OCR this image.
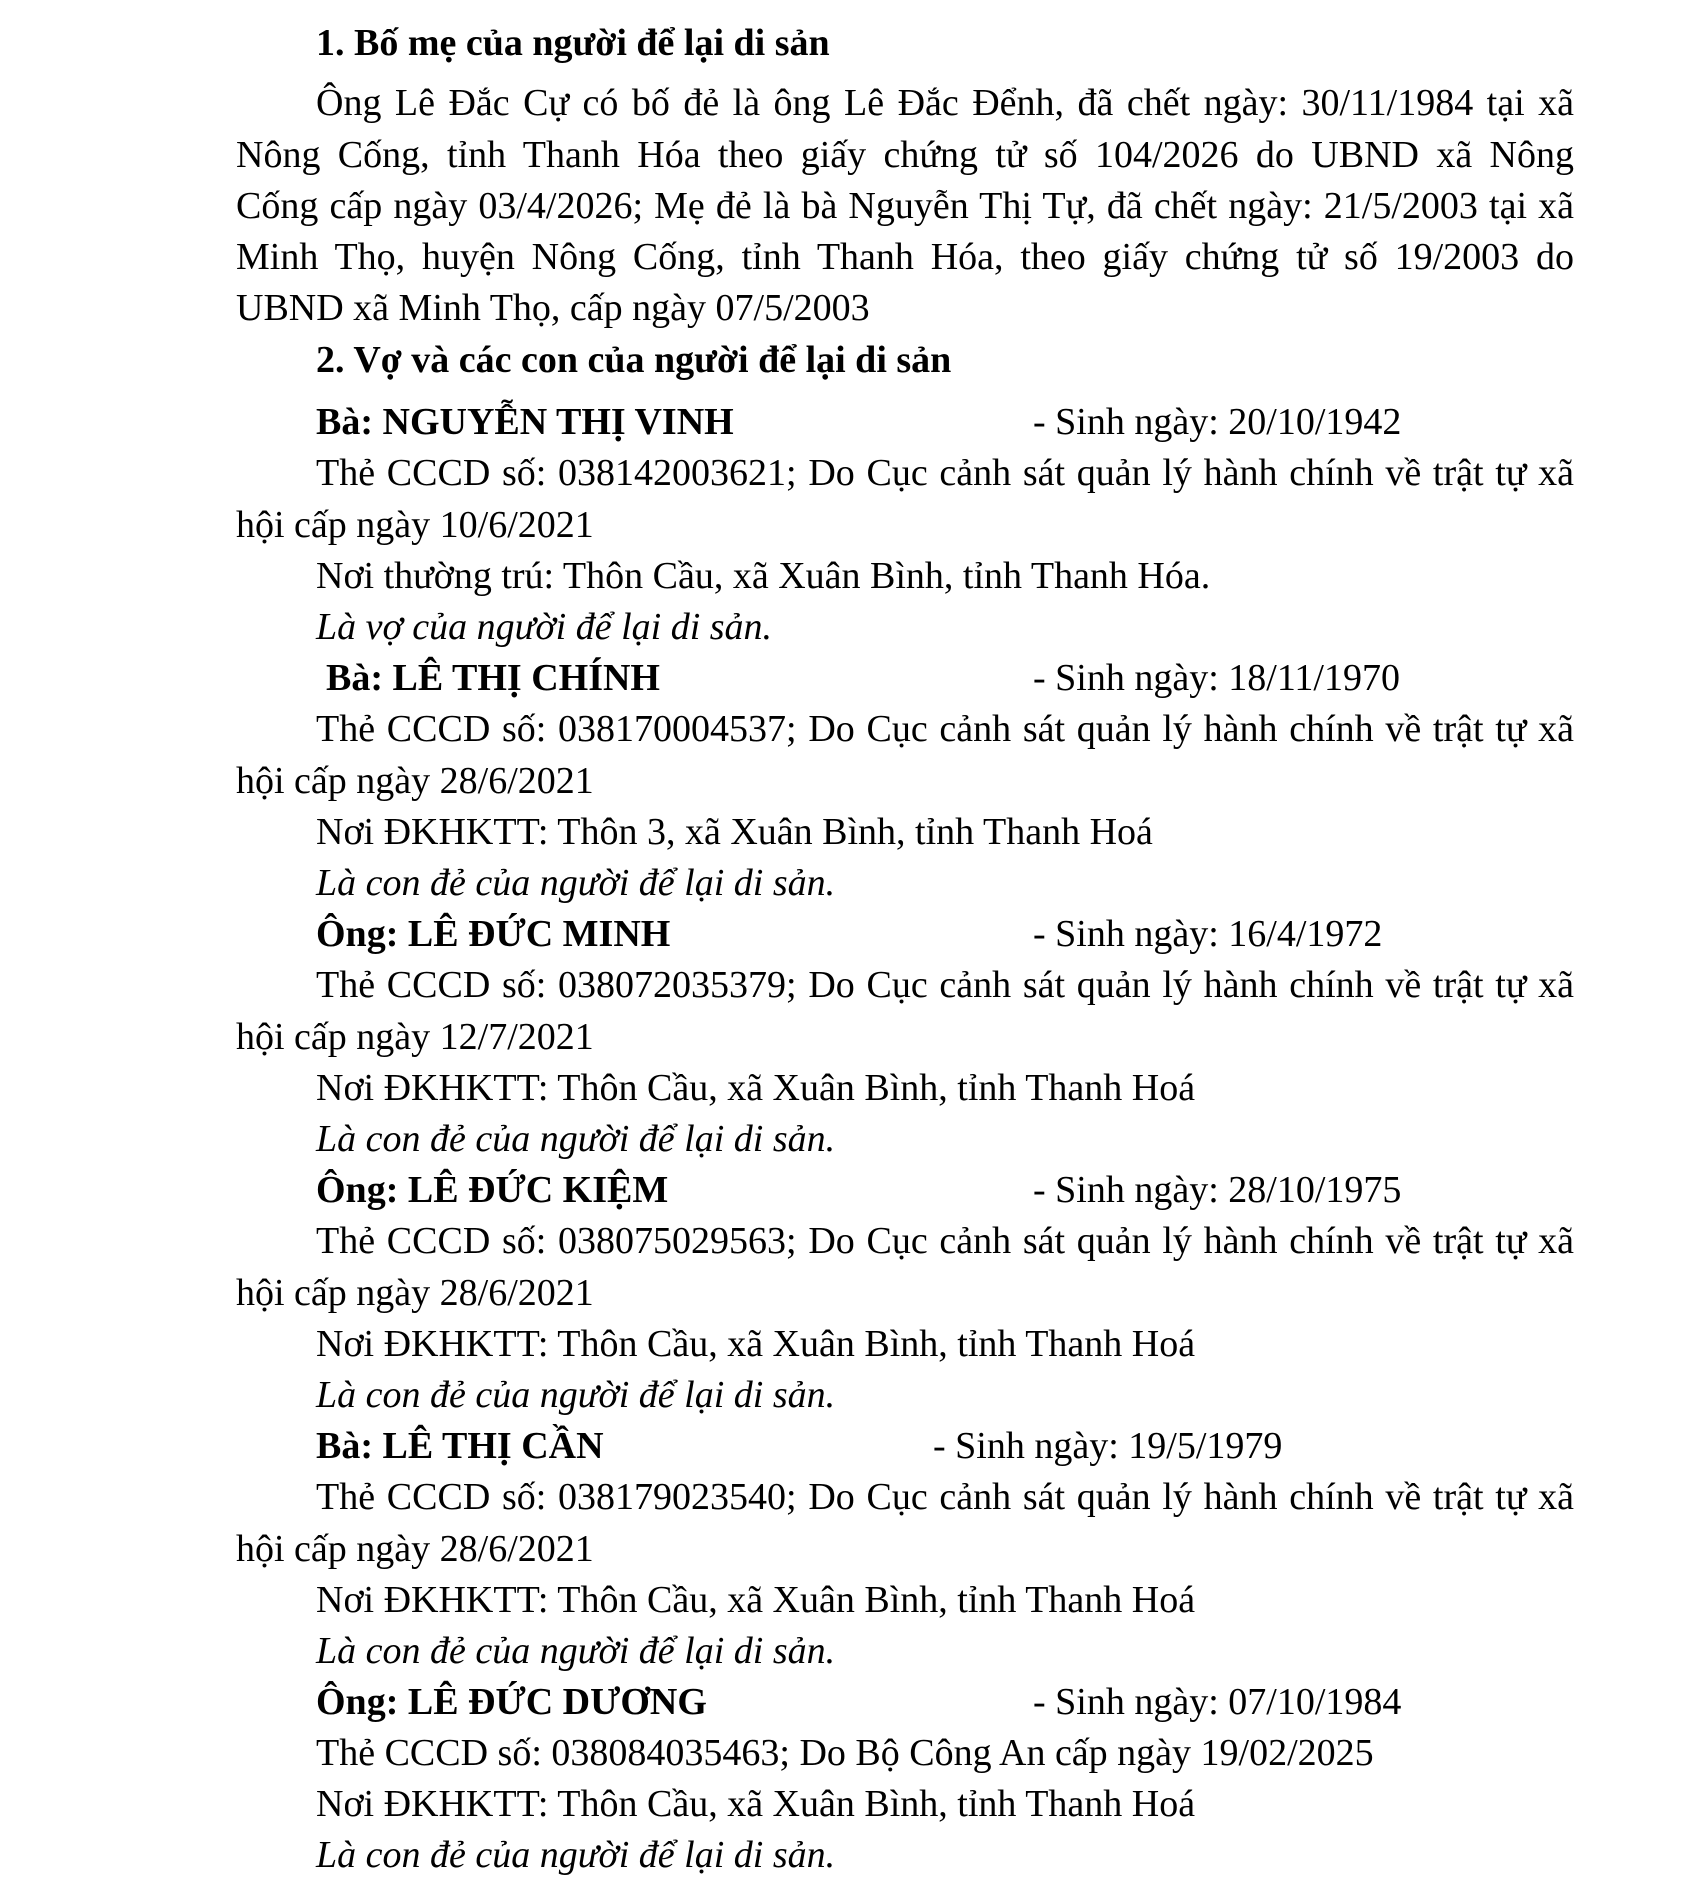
1. Bố mẹ của người để lại di sản
Ông Lê Đắc Cự có bố đẻ là ông Lê Đắc Đểnh, đã chết ngày: 30/11/1984 tại xã
Nông Cống, tỉnh Thanh Hóa theo giấy chứng tử số 104/2026 do UBND xã Nông
Cống cấp ngày 03/4/2026; Mẹ đẻ là bà Nguyễn Thị Tự, đã chết ngày: 21/5/2003 tại xã
Minh Thọ, huyện Nông Cống, tỉnh Thanh Hóa, theo giấy chứng tử số 19/2003 do
UBND xã Minh Thọ, cấp ngày 07/5/2003
2. Vợ và các con của người để lại di sản
Bà: NGUYỄN THỊ VINH	- Sinh ngày: 20/10/1942
Thẻ CCCD số: 038142003621; Do Cục cảnh sát quản lý hành chính về trật tự xã
hội cấp ngày 10/6/2021
Nơi thường trú: Thôn Cầu, xã Xuân Bình, tỉnh Thanh Hóa.
Là vợ của người để lại di sản.
Bà: LÊ THỊ CHÍNH	- Sinh ngày: 18/11/1970
Thẻ CCCD số: 038170004537; Do Cục cảnh sát quản lý hành chính về trật tự xã
hội cấp ngày 28/6/2021
Nơi ĐKHKTT: Thôn 3, xã Xuân Bình, tỉnh Thanh Hoá
Là con đẻ của người để lại di sản.
Ông: LÊ ĐỨC MINH	- Sinh ngày: 16/4/1972
Thẻ CCCD số: 038072035379; Do Cục cảnh sát quản lý hành chính về trật tự xã
hội cấp ngày 12/7/2021
Nơi ĐKHKTT: Thôn Cầu, xã Xuân Bình, tỉnh Thanh Hoá
Là con đẻ của người để lại di sản.
Ông: LÊ ĐỨC KIỆM	- Sinh ngày: 28/10/1975
Thẻ CCCD số: 038075029563; Do Cục cảnh sát quản lý hành chính về trật tự xã
hội cấp ngày 28/6/2021
Nơi ĐKHKTT: Thôn Cầu, xã Xuân Bình, tỉnh Thanh Hoá
Là con đẻ của người để lại di sản.
Bà: LÊ THỊ CẦN	- Sinh ngày: 19/5/1979
Thẻ CCCD số: 038179023540; Do Cục cảnh sát quản lý hành chính về trật tự xã
hội cấp ngày 28/6/2021
Nơi ĐKHKTT: Thôn Cầu, xã Xuân Bình, tỉnh Thanh Hoá
Là con đẻ của người để lại di sản.
Ông: LÊ ĐỨC DƯƠNG	- Sinh ngày: 07/10/1984
Thẻ CCCD số: 038084035463; Do Bộ Công An cấp ngày 19/02/2025
Nơi ĐKHKTT: Thôn Cầu, xã Xuân Bình, tỉnh Thanh Hoá
Là con đẻ của người để lại di sản.
